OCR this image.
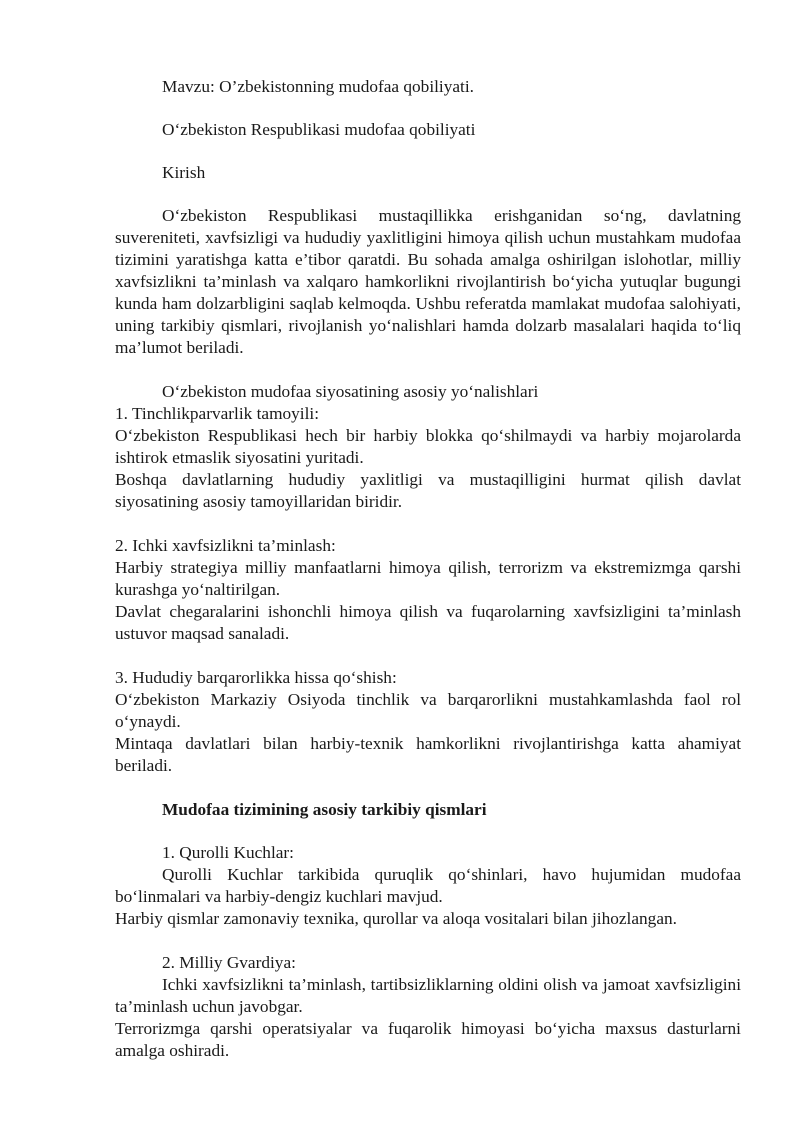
Mavzu: O’zbekistonning mudofaa qobiliyati.

O‘zbekiston Respublikasi mudofaa qobiliyati

Kirish

O‘zbekiston Respublikasi mustaqillikka erishganidan so‘ng, davlatning suvereniteti, xavfsizligi va hududiy yaxlitligini himoya qilish uchun mustahkam mudofaa tizimini yaratishga katta e’tibor qaratdi. Bu sohada amalga oshirilgan islohotlar, milliy xavfsizlikni ta’minlash va xalqaro hamkorlikni rivojlantirish bo‘yicha yutuqlar bugungi kunda ham dolzarbligini saqlab kelmoqda. Ushbu referatda mamlakat mudofaa salohiyati, uning tarkibiy qismlari, rivojlanish yo‘nalishlari hamda dolzarb masalalari haqida to‘liq ma’lumot beriladi.

O‘zbekiston mudofaa siyosatining asosiy yo‘nalishlari

1. Tinchlikparvarlik tamoyili:

O‘zbekiston Respublikasi hech bir harbiy blokka qo‘shilmaydi va harbiy mojarolarda ishtirok etmaslik siyosatini yuritadi.

Boshqa davlatlarning hududiy yaxlitligi va mustaqilligini hurmat qilish davlat siyosatining asosiy tamoyillaridan biridir.

2. Ichki xavfsizlikni ta’minlash:

Harbiy strategiya milliy manfaatlarni himoya qilish, terrorizm va ekstremizmga qarshi kurashga yo‘naltirilgan.

Davlat chegaralarini ishonchli himoya qilish va fuqarolarning xavfsizligini ta’minlash ustuvor maqsad sanaladi.

3. Hududiy barqarorlikka hissa qo‘shish:

O‘zbekiston Markaziy Osiyoda tinchlik va barqarorlikni mustahkamlashda faol rol o‘ynaydi.

Mintaqa davlatlari bilan harbiy-texnik hamkorlikni rivojlantirishga katta ahamiyat beriladi.

Mudofaa tizimining asosiy tarkibiy qismlari

1. Qurolli Kuchlar:

Qurolli Kuchlar tarkibida quruqlik qo‘shinlari, havo hujumidan mudofaa bo‘linmalari va harbiy-dengiz kuchlari mavjud.

Harbiy qismlar zamonaviy texnika, qurollar va aloqa vositalari bilan jihozlangan.

2. Milliy Gvardiya:

Ichki xavfsizlikni ta’minlash, tartibsizliklarning oldini olish va jamoat xavfsizligini ta’minlash uchun javobgar.

Terrorizmga qarshi operatsiyalar va fuqarolik himoyasi bo‘yicha maxsus dasturlarni amalga oshiradi.
